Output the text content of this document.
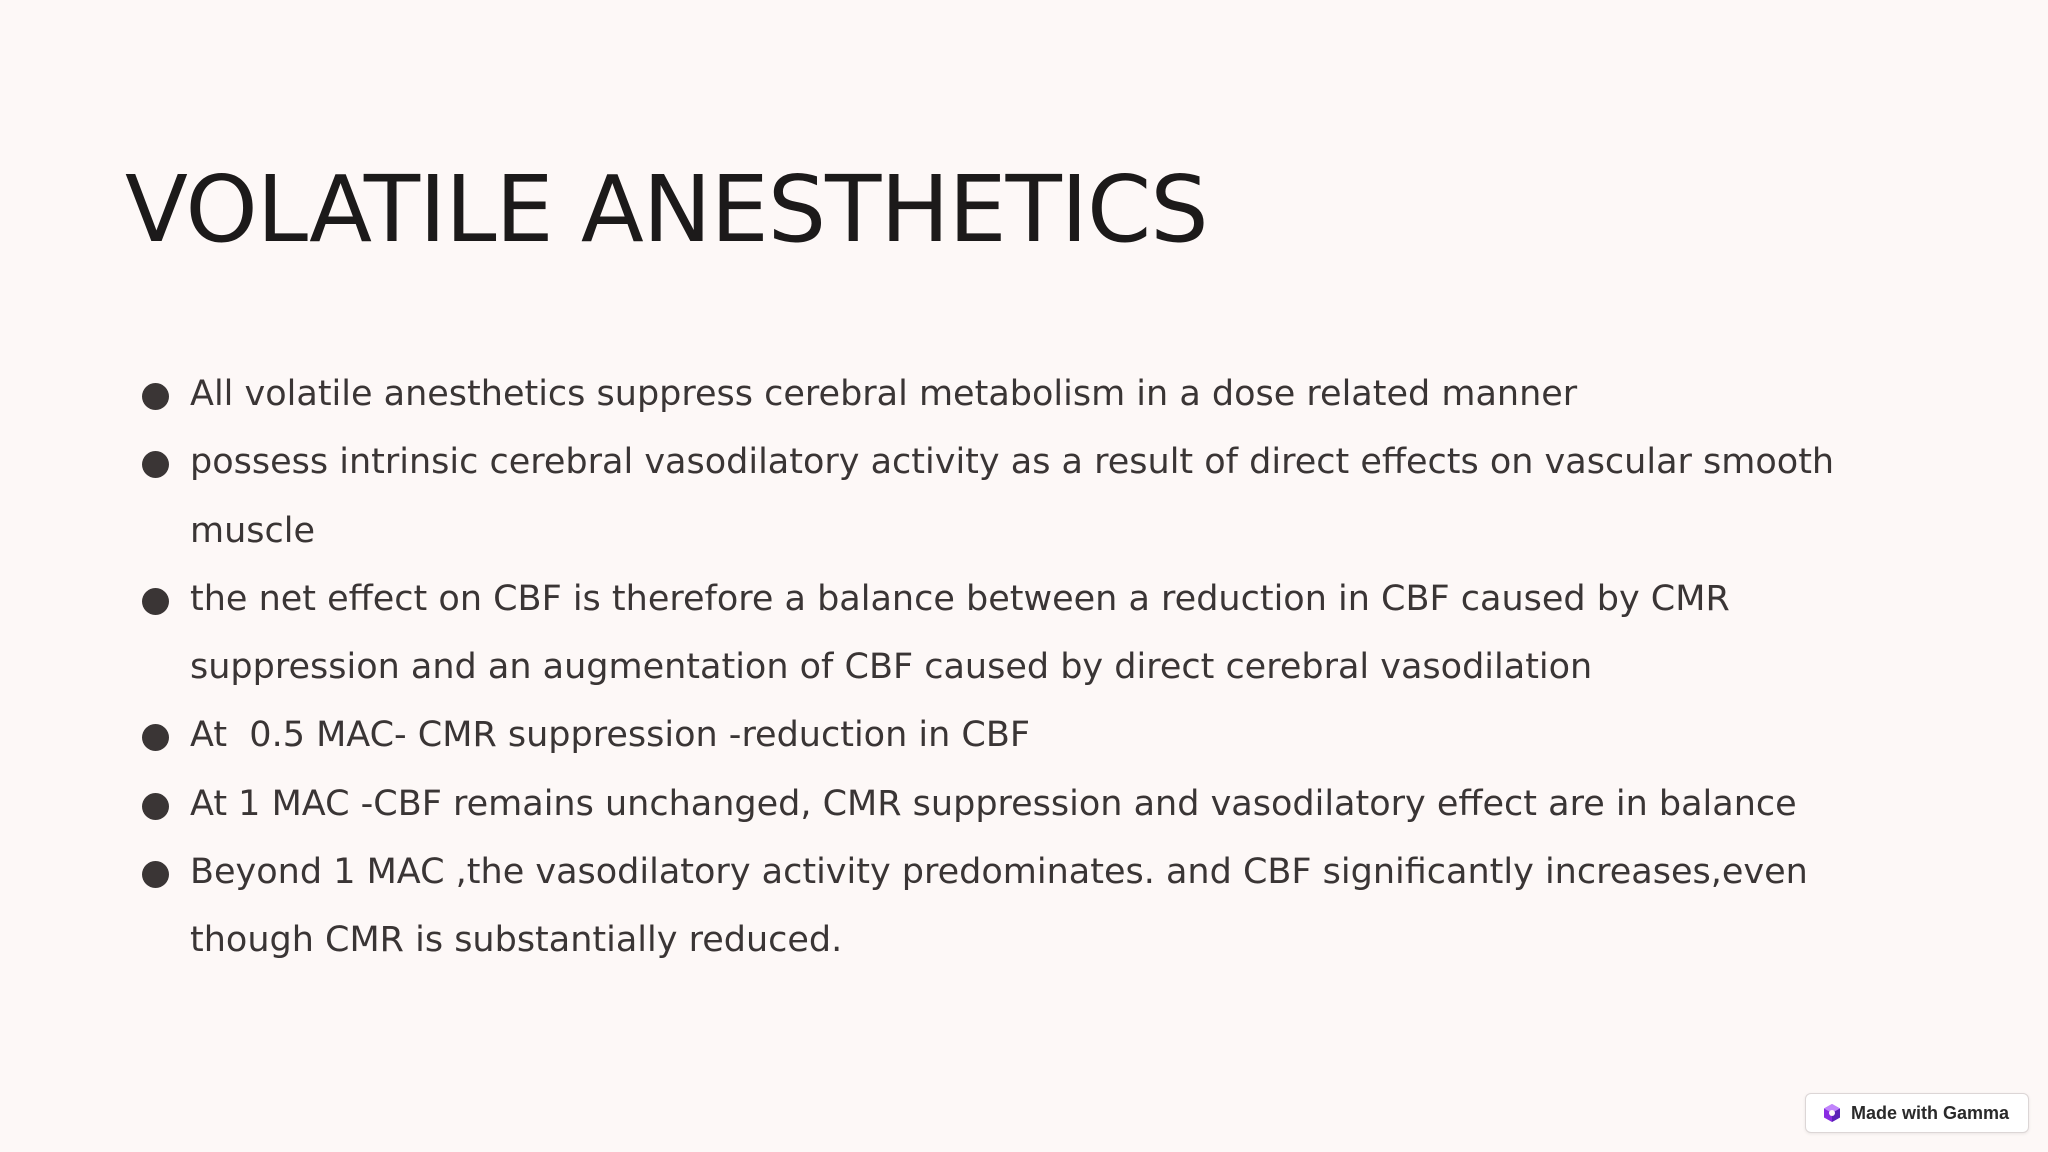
VOLATILE ANESTHETICS
All volatile anesthetics suppress cerebral metabolism in a dose related manner
possess intrinsic cerebral vasodilatory activity as a result of direct effects on vascular smooth muscle
the net effect on CBF is therefore a balance between a reduction in CBF caused by CMR suppression and an augmentation of CBF caused by direct cerebral vasodilation
At  0.5 MAC- CMR suppression -reduction in CBF
At 1 MAC -CBF remains unchanged, CMR suppression and vasodilatory effect are in balance
Beyond 1 MAC ,the vasodilatory activity predominates. and CBF significantly increases,even though CMR is substantially reduced.
Made with Gamma
